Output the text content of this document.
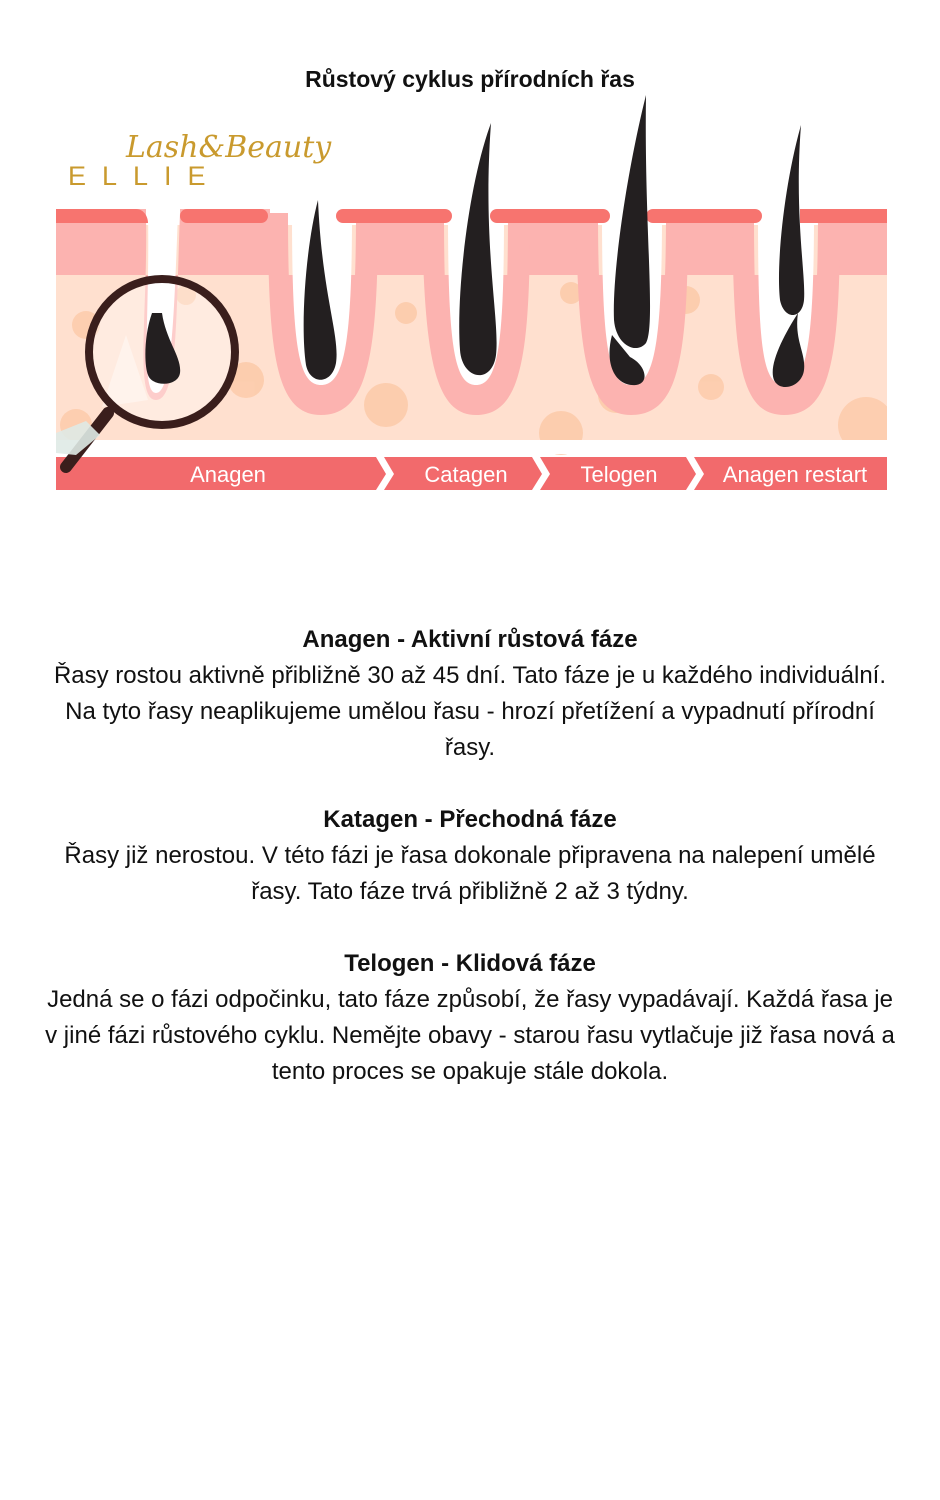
Růstový cyklus přírodních řas
Lash&Beauty
ELLIE
Anagen	Catagen	Telogen	Anagen restart
Anagen - Aktivní růstová fáze

Řasy rostou aktivně přibližně 30 až 45 dní. Tato fáze je u každého individuální. Na tyto řasy neaplikujeme umělou řasu - hrozí přetížení a vypadnutí přírodní řasy.

Katagen - Přechodná fáze

Řasy již nerostou. V této fázi je řasa dokonale připravena na nalepení umělé řasy. Tato fáze trvá přibližně 2 až 3 týdny.

Telogen - Klidová fáze

Jedná se o fázi odpočinku, tato fáze způsobí, že řasy vypadávají. Každá řasa je v jiné fázi růstového cyklu. Nemějte obavy - starou řasu vytlačuje již řasa nová a tento proces se opakuje stále dokola.
